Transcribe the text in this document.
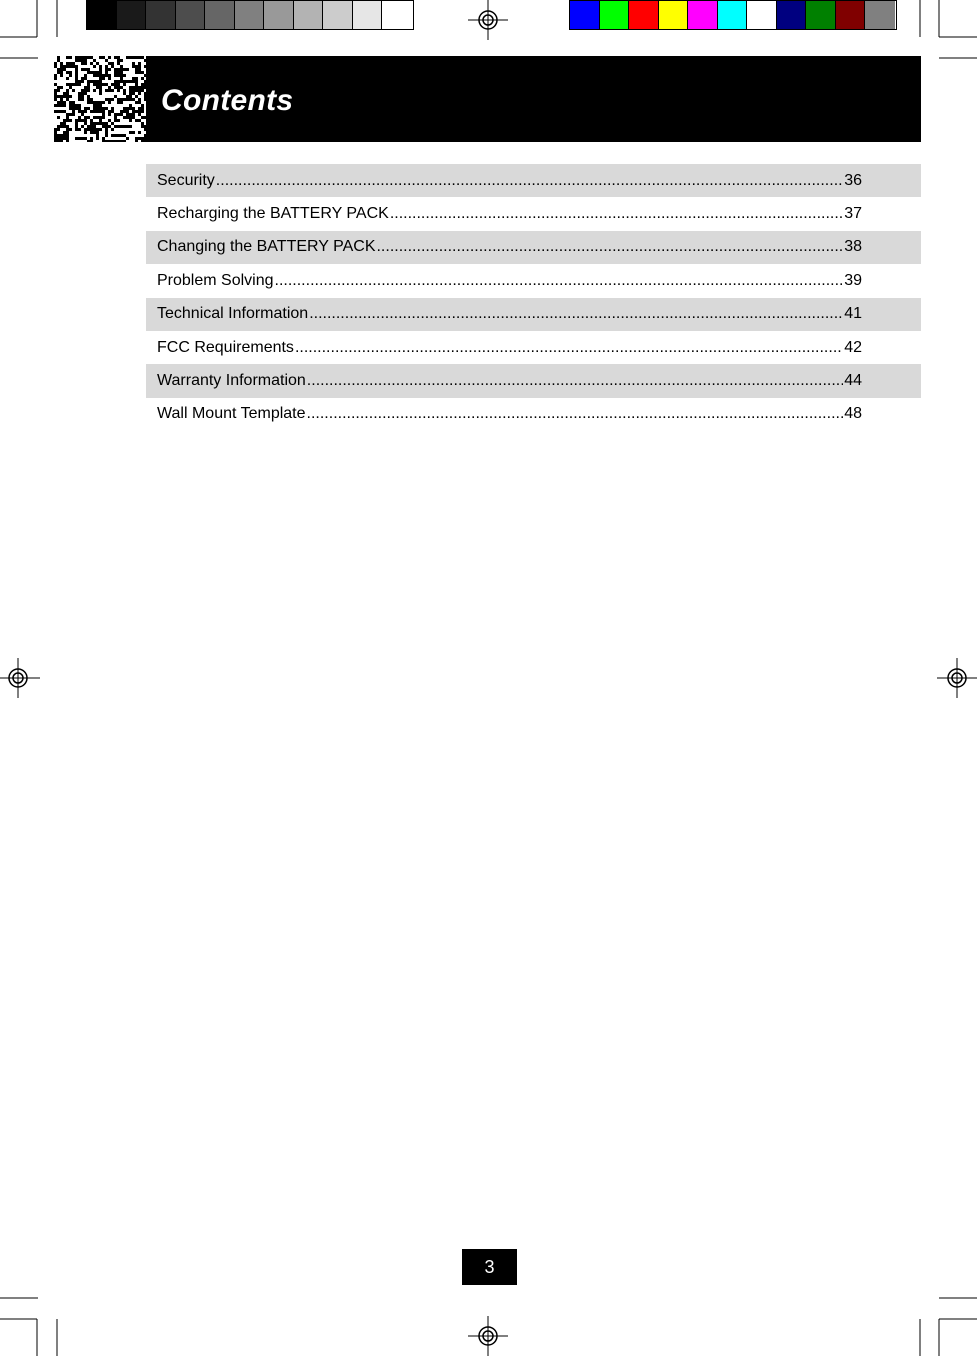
Contents
Security .....	36
Recharging the BATTERY PACK .....	37
Changing the BATTERY PACK .....	38
Problem Solving .....	39
Technical Information .....	41
FCC Requirements .....	42
Warranty Information .....	44
Wall Mount Template .....	48
3
